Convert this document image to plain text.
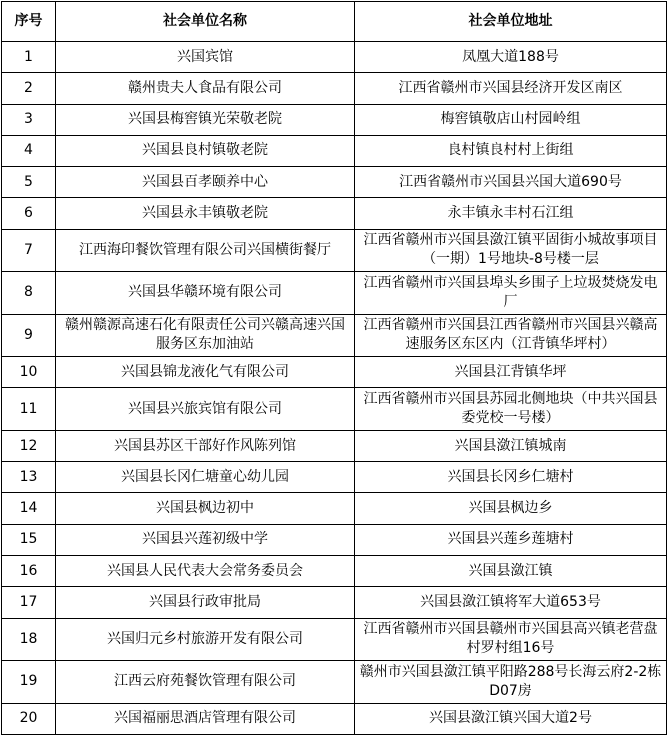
序号	社会单位名称	社会单位地址
1	兴国宾馆	凤凰大道188号
2	赣州贵夫人食品有限公司	江西省赣州市兴国县经济开发区南区
3	兴国县梅窖镇光荣敬老院	梅窖镇敬店山村园岭组
4	兴国县良村镇敬老院	良村镇良村村上街组
5	兴国县百孝颐养中心	江西省赣州市兴国县兴国大道690号
6	兴国县永丰镇敬老院	永丰镇永丰村石江组
7	江西海印餐饮管理有限公司兴国横街餐厅	江西省赣州市兴国县潋江镇平固街小城故事项目（一期）1号地块-8号楼一层
8	兴国县华赣环境有限公司	江西省赣州市兴国县埠头乡围子上垃圾焚烧发电厂
9	赣州赣源高速石化有限责任公司兴赣高速兴国服务区东加油站	江西省赣州市兴国县江西省赣州市兴国县兴赣高速服务区东区内（江背镇华坪村）
10	兴国县锦龙液化气有限公司	兴国县江背镇华坪
11	兴国县兴旅宾馆有限公司	江西省赣州市兴国县苏园北侧地块（中共兴国县委党校一号楼）
12	兴国县苏区干部好作风陈列馆	兴国县潋江镇城南
13	兴国县长冈仁塘童心幼儿园	兴国县长冈乡仁塘村
14	兴国县枫边初中	兴国县枫边乡
15	兴国县兴莲初级中学	兴国县兴莲乡莲塘村
16	兴国县人民代表大会常务委员会	兴国县潋江镇
17	兴国县行政审批局	兴国县潋江镇将军大道653号
18	兴国归元乡村旅游开发有限公司	江西省赣州市兴国县赣州市兴国县高兴镇老营盘村罗村组16号
19	江西云府苑餐饮管理有限公司	赣州市兴国县潋江镇平阳路288号长海云府2-2栋D07房
20	兴国福丽思酒店管理有限公司	兴国县潋江镇兴国大道2号
